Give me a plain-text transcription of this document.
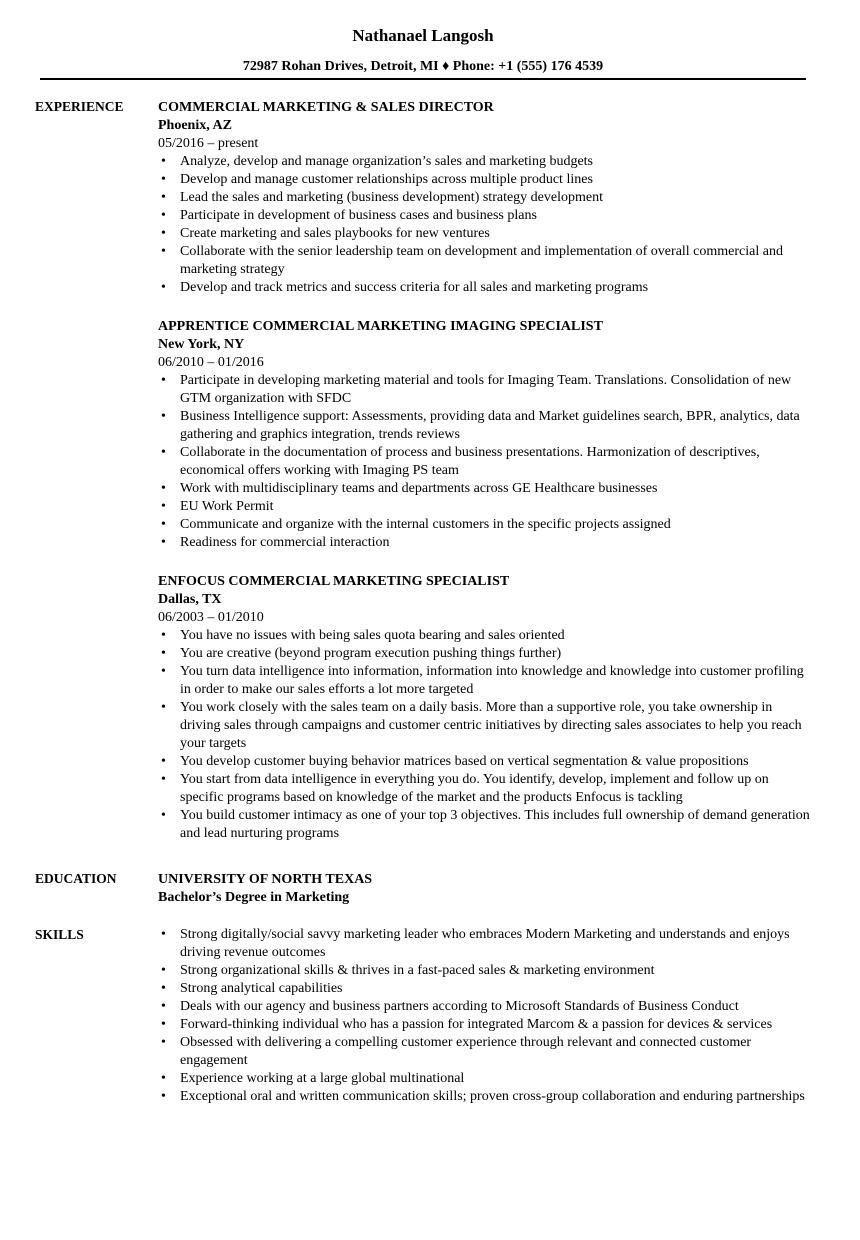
Nathanael Langosh
72987 Rohan Drives, Detroit, MI ♦ Phone: +1 (555) 176 4539
EXPERIENCE COMMERCIAL MARKETING & SALES DIRECTOR
Phoenix, AZ
05/2016 – present
• Analyze, develop and manage organization’s sales and marketing budgets
• Develop and manage customer relationships across multiple product lines
• Lead the sales and marketing (business development) strategy development
• Participate in development of business cases and business plans
• Create marketing and sales playbooks for new ventures
• Collaborate with the senior leadership team on development and implementation of overall commercial and marketing strategy
• Develop and track metrics and success criteria for all sales and marketing programs
APPRENTICE COMMERCIAL MARKETING IMAGING SPECIALIST
New York, NY
06/2010 – 01/2016
• Participate in developing marketing material and tools for Imaging Team. Translations. Consolidation of new GTM organization with SFDC
• Business Intelligence support: Assessments, providing data and Market guidelines search, BPR, analytics, data gathering and graphics integration, trends reviews
• Collaborate in the documentation of process and business presentations. Harmonization of descriptives, economical offers working with Imaging PS team
• Work with multidisciplinary teams and departments across GE Healthcare businesses
• EU Work Permit
• Communicate and organize with the internal customers in the specific projects assigned
• Readiness for commercial interaction
ENFOCUS COMMERCIAL MARKETING SPECIALIST
Dallas, TX
06/2003 – 01/2010
• You have no issues with being sales quota bearing and sales oriented
• You are creative (beyond program execution pushing things further)
• You turn data intelligence into information, information into knowledge and knowledge into customer profiling in order to make our sales efforts a lot more targeted
• You work closely with the sales team on a daily basis. More than a supportive role, you take ownership in driving sales through campaigns and customer centric initiatives by directing sales associates to help you reach your targets
• You develop customer buying behavior matrices based on vertical segmentation & value propositions
• You start from data intelligence in everything you do. You identify, develop, implement and follow up on specific programs based on knowledge of the market and the products Enfocus is tackling
• You build customer intimacy as one of your top 3 objectives. This includes full ownership of demand generation and lead nurturing programs
EDUCATION	UNIVERSITY OF NORTH TEXAS
Bachelor’s Degree in Marketing
SKILLS
•	Strong digitally/social savvy marketing leader who embraces Modern Marketing and understands and enjoys driving revenue outcomes
• Strong organizational skills & thrives in a fast-paced sales & marketing environment
• Strong analytical capabilities
• Deals with our agency and business partners according to Microsoft Standards of Business Conduct
• Forward-thinking individual who has a passion for integrated Marcom & a passion for devices & services
• Obsessed with delivering a compelling customer experience through relevant and connected customer engagement
• Experience working at a large global multinational
• Exceptional oral and written communication skills; proven cross-group collaboration and enduring partnerships
